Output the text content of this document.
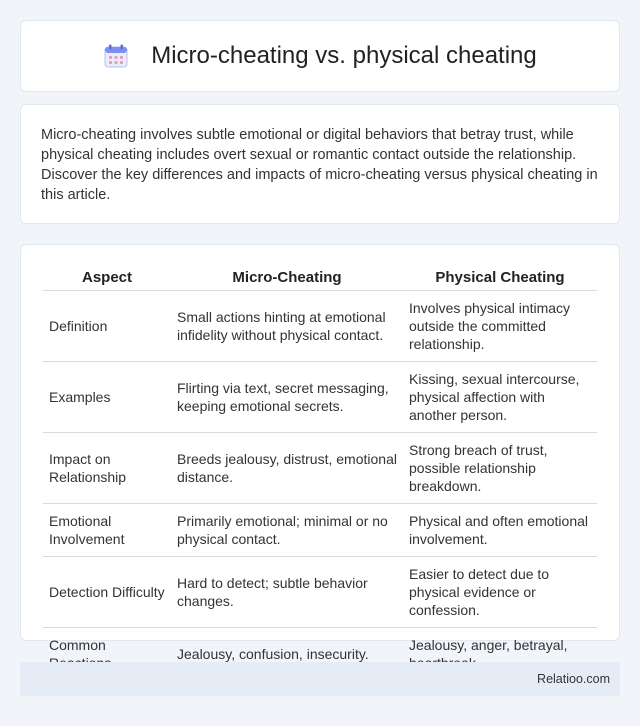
Micro-cheating vs. physical cheating

Micro-cheating involves subtle emotional or digital behaviors that betray trust, while physical cheating includes overt sexual or romantic contact outside the relationship. Discover the key differences and impacts of micro-cheating versus physical cheating in this article.

Aspect	Micro-Cheating	Physical Cheating
Definition	Small actions hinting at emotional infidelity without physical contact.	Involves physical intimacy outside the committed relationship.
Examples	Flirting via text, secret messaging, keeping emotional secrets.	Kissing, sexual intercourse, physical affection with another person.
Impact on Relationship	Breeds jealousy, distrust, emotional distance.	Strong breach of trust, possible relationship breakdown.
Emotional Involvement	Primarily emotional; minimal or no physical contact.	Physical and often emotional involvement.
Detection Difficulty	Hard to detect; subtle behavior changes.	Easier to detect due to physical evidence or confession.
Common	Jealousy, confusion, insecurity.	Jealousy, anger, betrayal,
Relatioo.com
